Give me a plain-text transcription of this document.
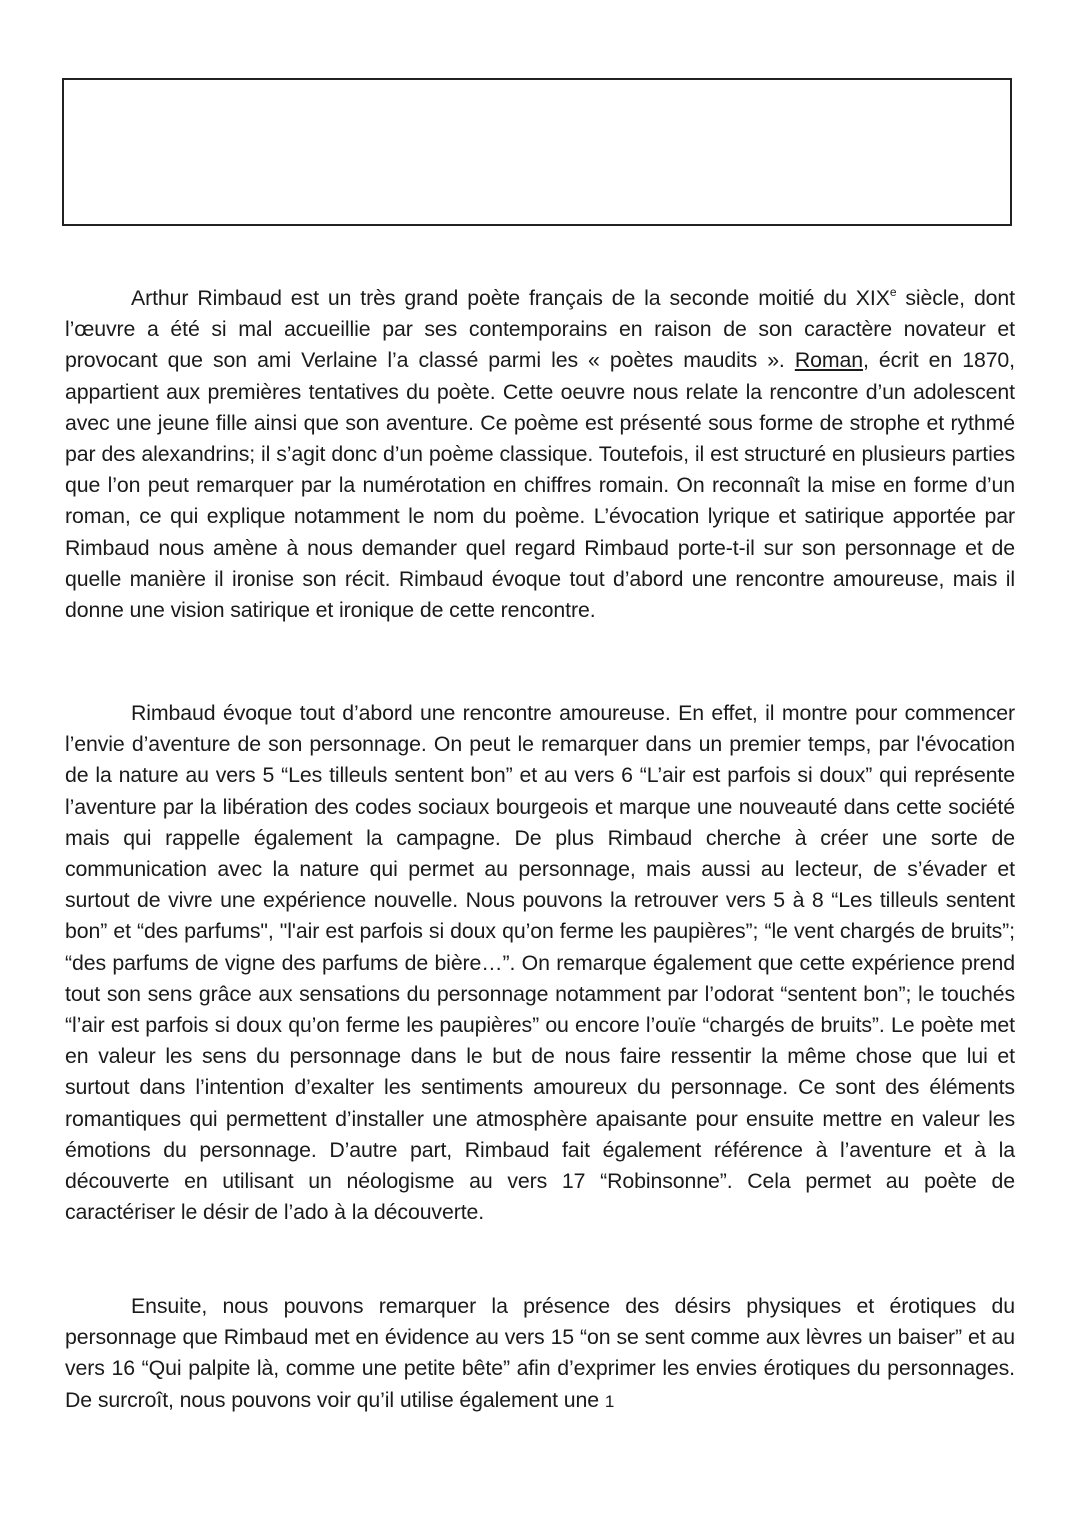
Arthur Rimbaud est un très grand poète français de la seconde moitié du XIXe siècle, dont l’œuvre a été si mal accueillie par ses contemporains en raison de son caractère novateur et provocant que son ami Verlaine l’a classé parmi les « poètes maudits ». Roman, écrit en 1870, appartient aux premières tentatives du poète. Cette oeuvre nous relate la rencontre d’un adolescent avec une jeune fille ainsi que son aventure. Ce poème est présenté sous forme de strophe et rythmé par des alexandrins; il s’agit donc d’un poème classique. Toutefois, il est structuré en plusieurs parties que l’on peut remarquer par la numérotation en chiffres romain. On reconnaît la mise en forme d’un roman, ce qui explique notamment le nom du poème. L’évocation lyrique et satirique apportée par Rimbaud nous amène à nous demander quel regard Rimbaud porte-t-il sur son personnage et de quelle manière il ironise son récit. Rimbaud évoque tout d’abord une rencontre amoureuse, mais il donne une vision satirique et ironique de cette rencontre.

Rimbaud évoque tout d’abord une rencontre amoureuse. En effet, il montre pour commencer l’envie d’aventure de son personnage. On peut le remarquer dans un premier temps, par l'évocation de la nature au vers 5 “Les tilleuls sentent bon” et au vers 6 “L’air est parfois si doux” qui représente l’aventure par la libération des codes sociaux bourgeois et marque une nouveauté dans cette société mais qui rappelle également la campagne. De plus Rimbaud cherche à créer une sorte de communication avec la nature qui permet au personnage, mais aussi au lecteur, de s’évader et surtout de vivre une expérience nouvelle. Nous pouvons la retrouver vers 5 à 8 “Les tilleuls sentent bon” et “des parfums", "l'air est parfois si doux qu’on ferme les paupières”; “le vent chargés de bruits”; “des parfums de vigne des parfums de bière…”. On remarque également que cette expérience prend tout son sens grâce aux sensations du personnage notamment par l’odorat “sentent bon”; le touchés “l’air est parfois si doux qu’on ferme les paupières” ou encore l’ouïe “chargés de bruits”. Le poète met en valeur les sens du personnage dans le but de nous faire ressentir la même chose que lui et surtout dans l’intention d’exalter les sentiments amoureux du personnage. Ce sont des éléments romantiques qui permettent d’installer une atmosphère apaisante pour ensuite mettre en valeur les émotions du personnage. D’autre part, Rimbaud fait également référence à l’aventure et à la découverte en utilisant un néologisme au vers 17 “Robinsonne”. Cela permet au poète de caractériser le désir de l’ado à la découverte.

Ensuite, nous pouvons remarquer la présence des désirs physiques et érotiques du personnage que Rimbaud met en évidence au vers 15 “on se sent comme aux lèvres un baiser” et au vers 16 “Qui palpite là, comme une petite bête” afin d’exprimer les envies érotiques du personnages. De surcroît, nous pouvons voir qu’il utilise également une 1
